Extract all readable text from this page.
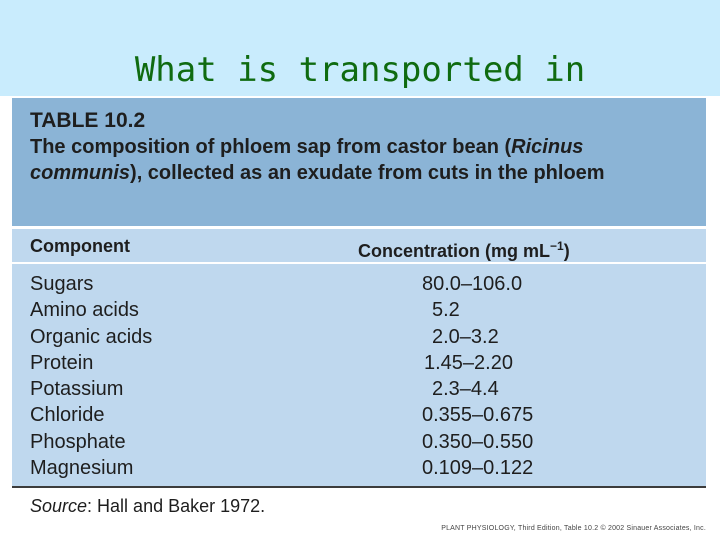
What is transported in
TABLE 10.2
The composition of phloem sap from castor bean (Ricinus communis), collected as an exudate from cuts in the phloem
Component	Concentration (mg $mL^{-1}$)
Sugars	80.0–106.0
Amino acids	5.2
Organic acids	2.0–3.2
Protein	1.45–2.20
Potassium	2.3–4.4
Chloride	0.355–0.675
Phosphate	0.350–0.550
Magnesium	0.109–0.122
Source: Hall and Baker 1972.
PLANT PHYSIOLOGY, Third Edition, Table 10.2 © 2002 Sinauer Associates, Inc.
